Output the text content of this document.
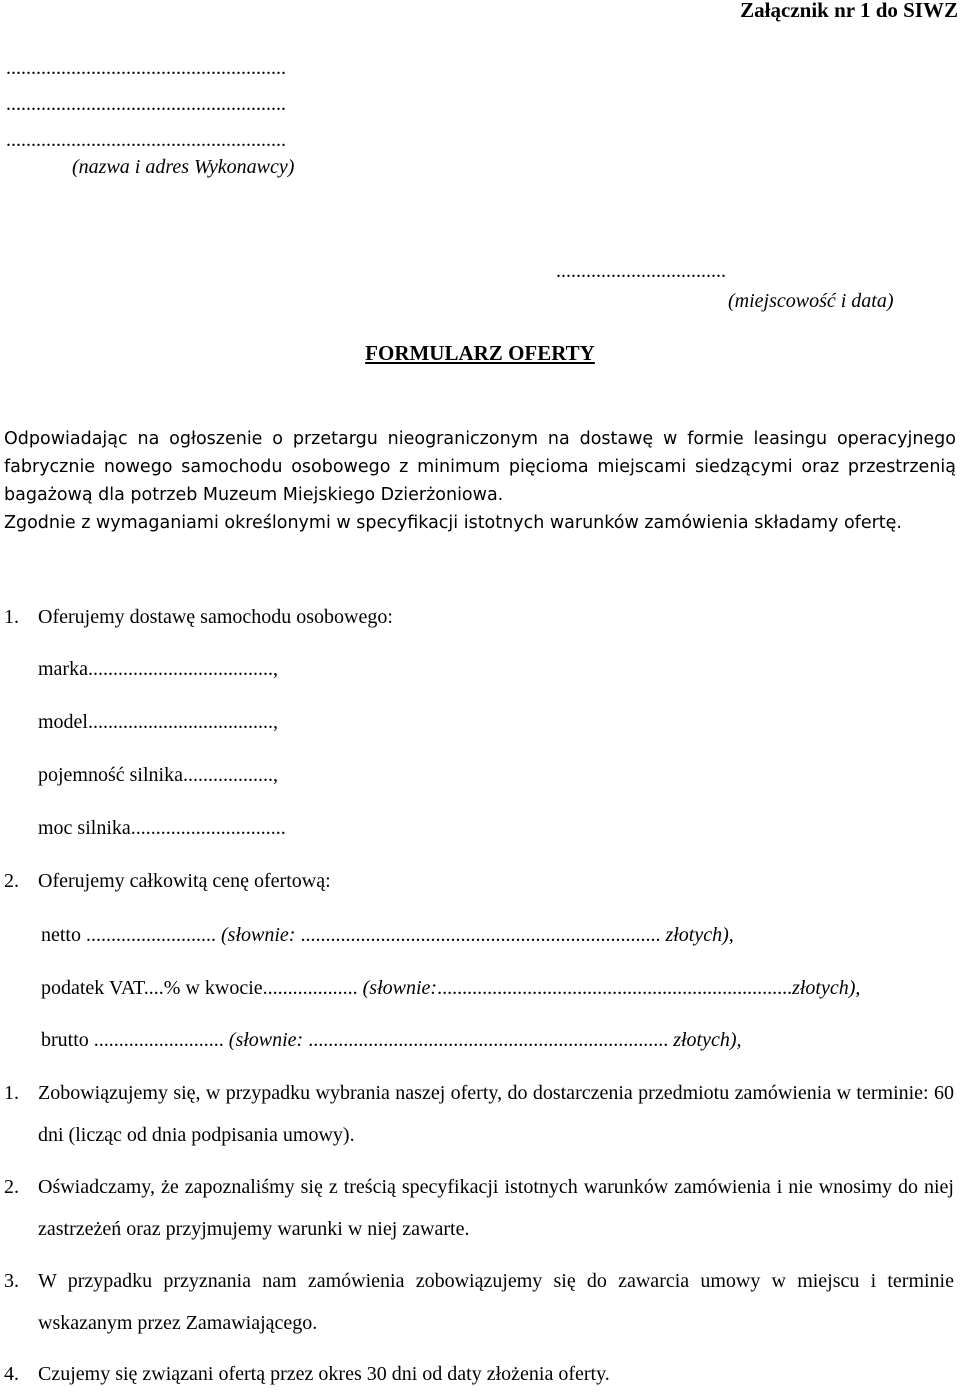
Załącznik nr 1 do SIWZ
........................................................
........................................................
........................................................
(nazwa i adres Wykonawcy)
..................................
(miejscowość i data)
FORMULARZ OFERTY

Odpowiadając na ogłoszenie o przetargu nieograniczonym na dostawę w formie leasingu operacyjnego fabrycznie nowego samochodu osobowego z minimum pięcioma miejscami siedzącymi oraz przestrzenią bagażową dla potrzeb Muzeum Miejskiego Dzierżoniowa.

Zgodnie z wymaganiami określonymi w specyfikacji istotnych warunków zamówienia składamy ofertę.

1. Oferujemy dostawę samochodu osobowego:
marka.....................................,
model.....................................,
pojemność silnika..................,
moc silnika...............................
2. Oferujemy całkowitą cenę ofertową:
netto .......................... (słownie: ........................................................................ złotych),
podatek VAT....% w kwocie................... (słownie:.......................................................................złotych),
brutto .......................... (słownie: ........................................................................ złotych),
1. Zobowiązujemy się, w przypadku wybrania naszej oferty, do dostarczenia przedmiotu zamówienia w terminie: 60 dni (licząc od dnia podpisania umowy).
2. Oświadczamy, że zapoznaliśmy się z treścią specyfikacji istotnych warunków zamówienia i nie wnosimy do niej zastrzeżeń oraz przyjmujemy warunki w niej zawarte.
3. W przypadku przyznania nam zamówienia zobowiązujemy się do zawarcia umowy w miejscu i terminie wskazanym przez Zamawiającego.
4. Czujemy się związani ofertą przez okres 30 dni od daty złożenia oferty.
